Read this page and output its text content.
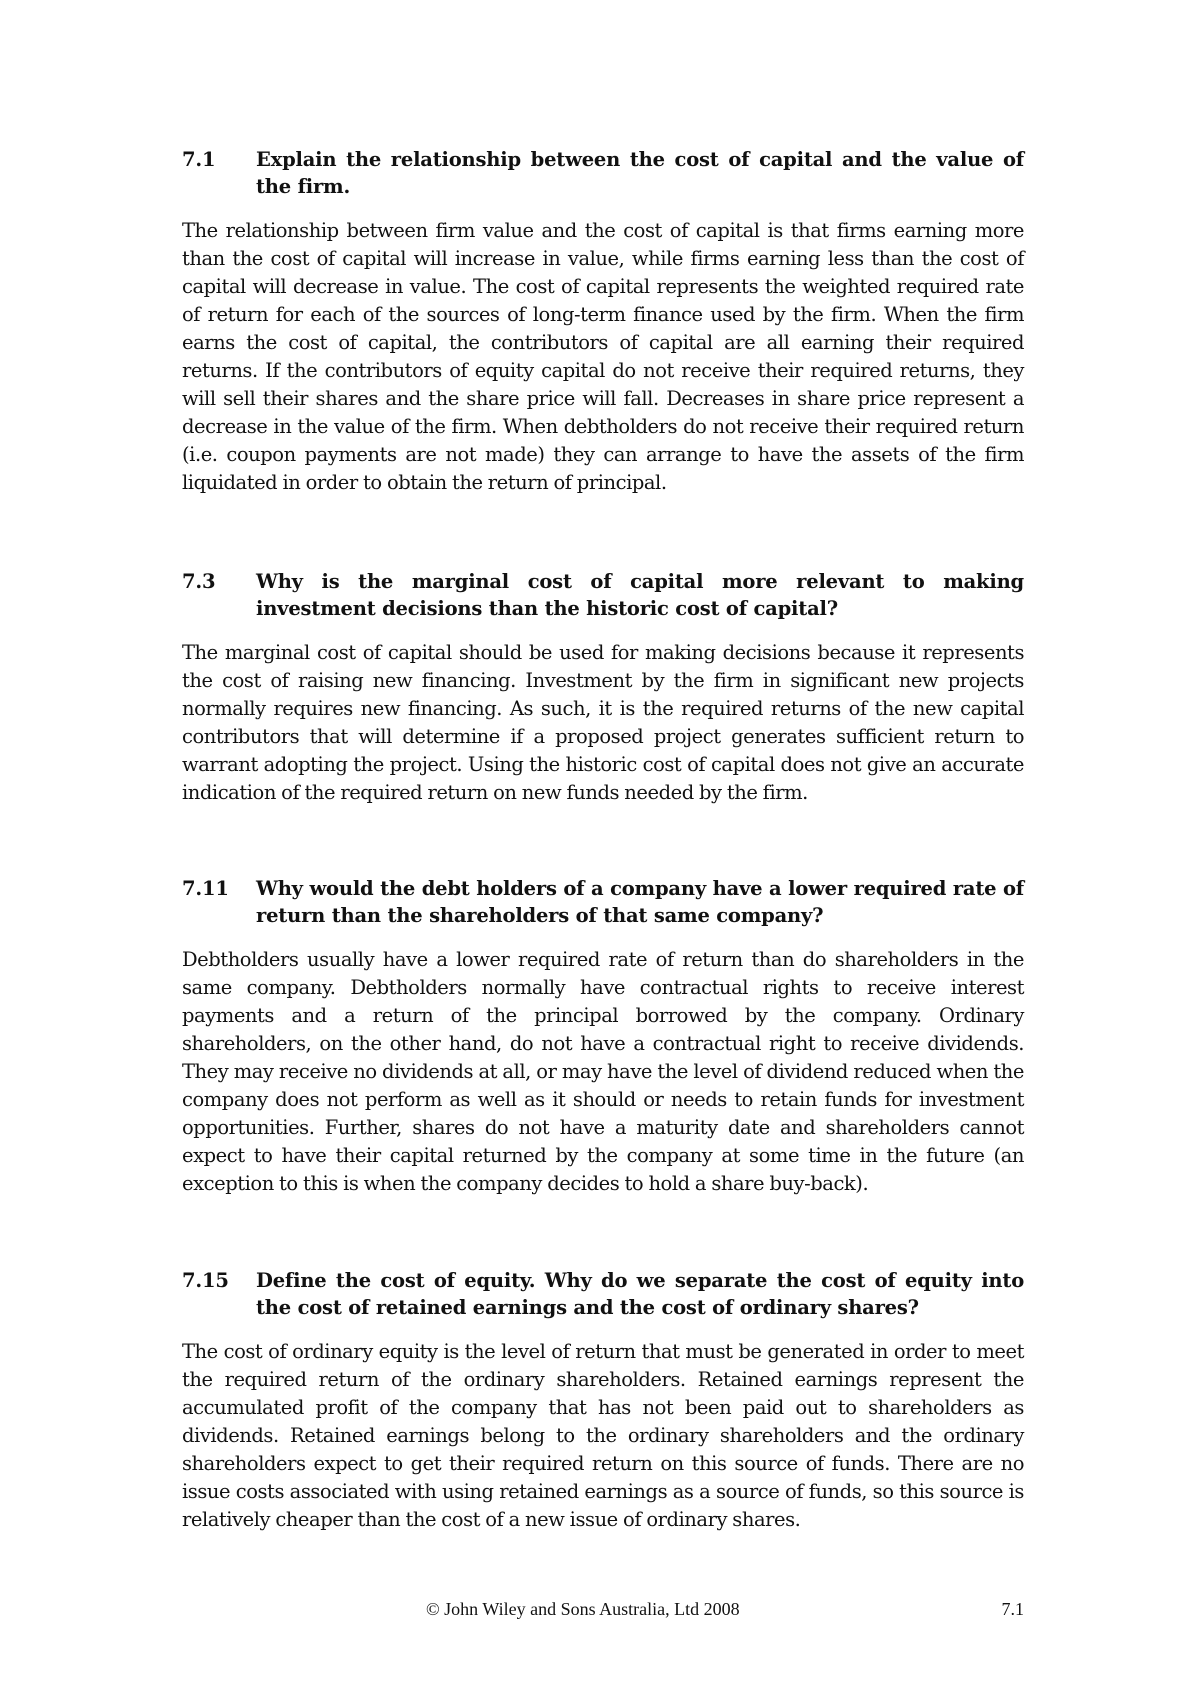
7.1	Explain the relationship between the cost of capital and the value of the firm.
The relationship between firm value and the cost of capital is that firms earning more than the cost of capital will increase in value, while firms earning less than the cost of capital will decrease in value. The cost of capital represents the weighted required rate of return for each of the sources of long-term finance used by the firm. When the firm earns the cost of capital, the contributors of capital are all earning their required returns. If the contributors of equity capital do not receive their required returns, they will sell their shares and the share price will fall. Decreases in share price represent a decrease in the value of the firm. When debtholders do not receive their required return (i.e. coupon payments are not made) they can arrange to have the assets of the firm liquidated in order to obtain the return of principal.
7.3	Why is the marginal cost of capital more relevant to making investment decisions than the historic cost of capital?
The marginal cost of capital should be used for making decisions because it represents the cost of raising new financing. Investment by the firm in significant new projects normally requires new financing. As such, it is the required returns of the new capital contributors that will determine if a proposed project generates sufficient return to warrant adopting the project. Using the historic cost of capital does not give an accurate indication of the required return on new funds needed by the firm.
7.11	Why would the debt holders of a company have a lower required rate of return than the shareholders of that same company?
Debtholders usually have a lower required rate of return than do shareholders in the same company. Debtholders normally have contractual rights to receive interest payments and a return of the principal borrowed by the company. Ordinary shareholders, on the other hand, do not have a contractual right to receive dividends. They may receive no dividends at all, or may have the level of dividend reduced when the company does not perform as well as it should or needs to retain funds for investment opportunities. Further, shares do not have a maturity date and shareholders cannot expect to have their capital returned by the company at some time in the future (an exception to this is when the company decides to hold a share buy-back).
7.15	Define the cost of equity. Why do we separate the cost of equity into the cost of retained earnings and the cost of ordinary shares?
The cost of ordinary equity is the level of return that must be generated in order to meet the required return of the ordinary shareholders. Retained earnings represent the accumulated profit of the company that has not been paid out to shareholders as dividends. Retained earnings belong to the ordinary shareholders and the ordinary shareholders expect to get their required return on this source of funds. There are no issue costs associated with using retained earnings as a source of funds, so this source is relatively cheaper than the cost of a new issue of ordinary shares.
© John Wiley and Sons Australia, Ltd 2008	7.1
